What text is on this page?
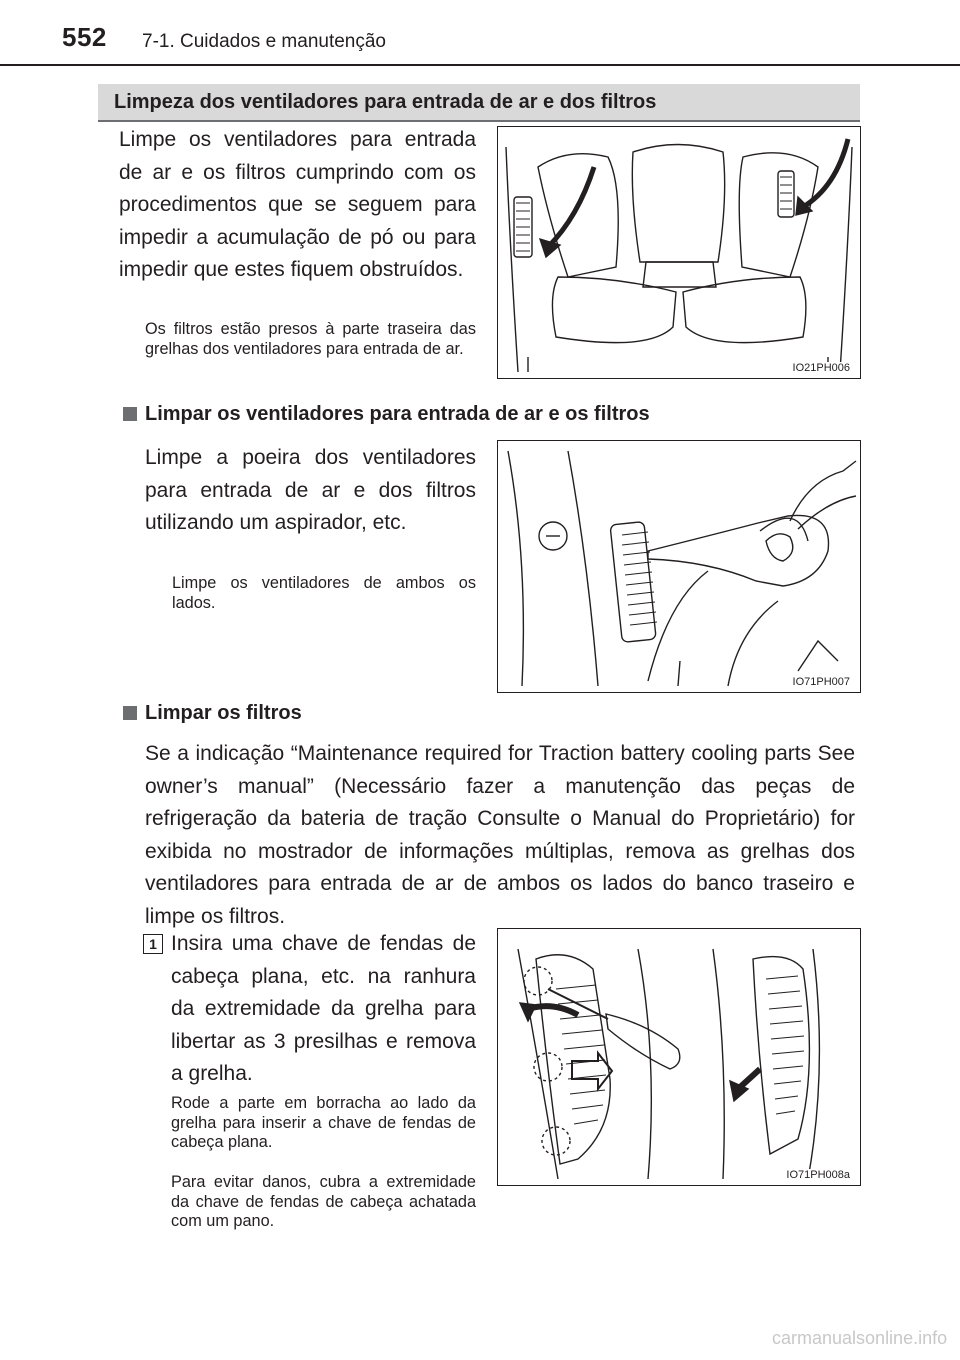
552 7-1. Cuidados e manutenção
Limpeza dos ventiladores para entrada de ar e dos filtros
Limpe os ventiladores para entrada de ar e os filtros cumprindo com os procedimentos que se seguem para impedir a acumulação de pó ou para impedir que estes fiquem obstruídos.
Os filtros estão presos à parte traseira das grelhas dos ventiladores para entrada de ar.
IO21PH006
Limpar os ventiladores para entrada de ar e os filtros
Limpe a poeira dos ventiladores para entrada de ar e dos filtros utilizando um aspirador, etc.
Limpe os ventiladores de ambos os lados.
IO71PH007
Limpar os filtros
Se a indicação “Maintenance required for Traction battery cooling parts See owner’s manual” (Necessário fazer a manutenção das peças de refrigeração da bateria de tração Consulte o Manual do Proprietário) for exibida no mostrador de informações múltiplas, remova as grelhas dos ventiladores para entrada de ar de ambos os lados do banco traseiro e limpe os filtros.
1 Insira uma chave de fendas de cabeça plana, etc. na ranhura da extremidade da grelha para libertar as 3 presilhas e remova a grelha.
Rode a parte em borracha ao lado da grelha para inserir a chave de fendas de cabeça plana.
Para evitar danos, cubra a extremidade da chave de fendas de cabeça achatada com um pano.
IO71PH008a
carmanualsonline.info
